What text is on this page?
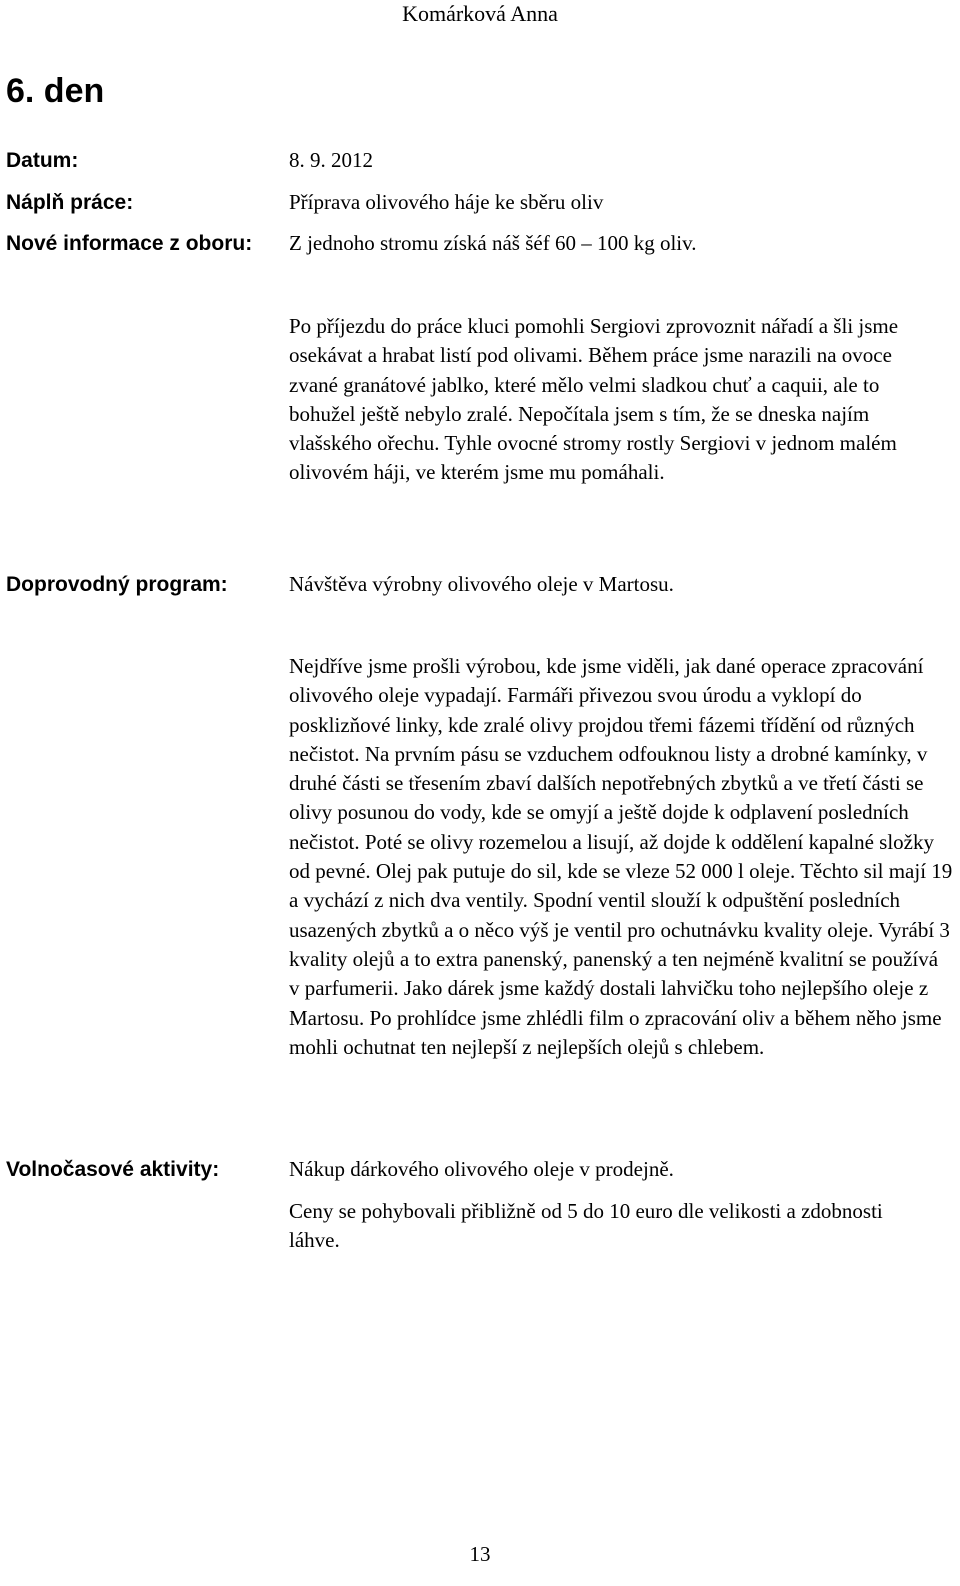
Komárková Anna
6. den
Datum:	8. 9. 2012
Náplň práce:	Příprava olivového háje ke sběru oliv
Nové informace z oboru: Z jednoho stromu získá náš šéf 60 – 100 kg oliv.

Po příjezdu do práce kluci pomohli Sergiovi zprovoznit nářadí a šli jsme osekávat a hrabat listí pod olivami. Během práce jsme narazili na ovoce zvané granátové jablko, které mělo velmi sladkou chuť a caquii, ale to bohužel ještě nebylo zralé. Nepočítala jsem s tím, že se dneska najím vlašského ořechu. Tyhle ovocné stromy rostly Sergiovi v jednom malém olivovém háji, ve kterém jsme mu pomáhali.

Doprovodný program:	Návštěva výrobny olivového oleje v Martosu.

Nejdříve jsme prošli výrobou, kde jsme viděli, jak dané operace zpracování olivového oleje vypadají. Farmáři přivezou svou úrodu a vyklopí do posklizňové linky, kde zralé olivy projdou třemi fázemi třídění od různých nečistot. Na prvním pásu se vzduchem odfouknou listy a drobné kamínky, v druhé části se třesením zbaví dalších nepotřebných zbytků a ve třetí části se olivy posunou do vody, kde se omyjí a ještě dojde k odplavení posledních nečistot. Poté se olivy rozemelou a lisují, až dojde k oddělení kapalné složky od pevné. Olej pak putuje do sil, kde se vleze 52 000 l oleje. Těchto sil mají 19 a vychází z nich dva ventily. Spodní ventil slouží k odpuštění posledních usazených zbytků a o něco výš je ventil pro ochutnávku kvality oleje. Vyrábí 3 kvality olejů a to extra panenský, panenský a ten nejméně kvalitní se používá v parfumerii. Jako dárek jsme každý dostali lahvičku toho nejlepšího oleje z Martosu. Po prohlídce jsme zhlédli film o zpracování oliv a během něho jsme mohli ochutnat ten nejlepší z nejlepších olejů s chlebem.

Volnočasové aktivity:	Nákup dárkového olivového oleje v prodejně.

Ceny se pohybovali přibližně od 5 do 10 euro dle velikosti a zdobnosti láhve.

13
